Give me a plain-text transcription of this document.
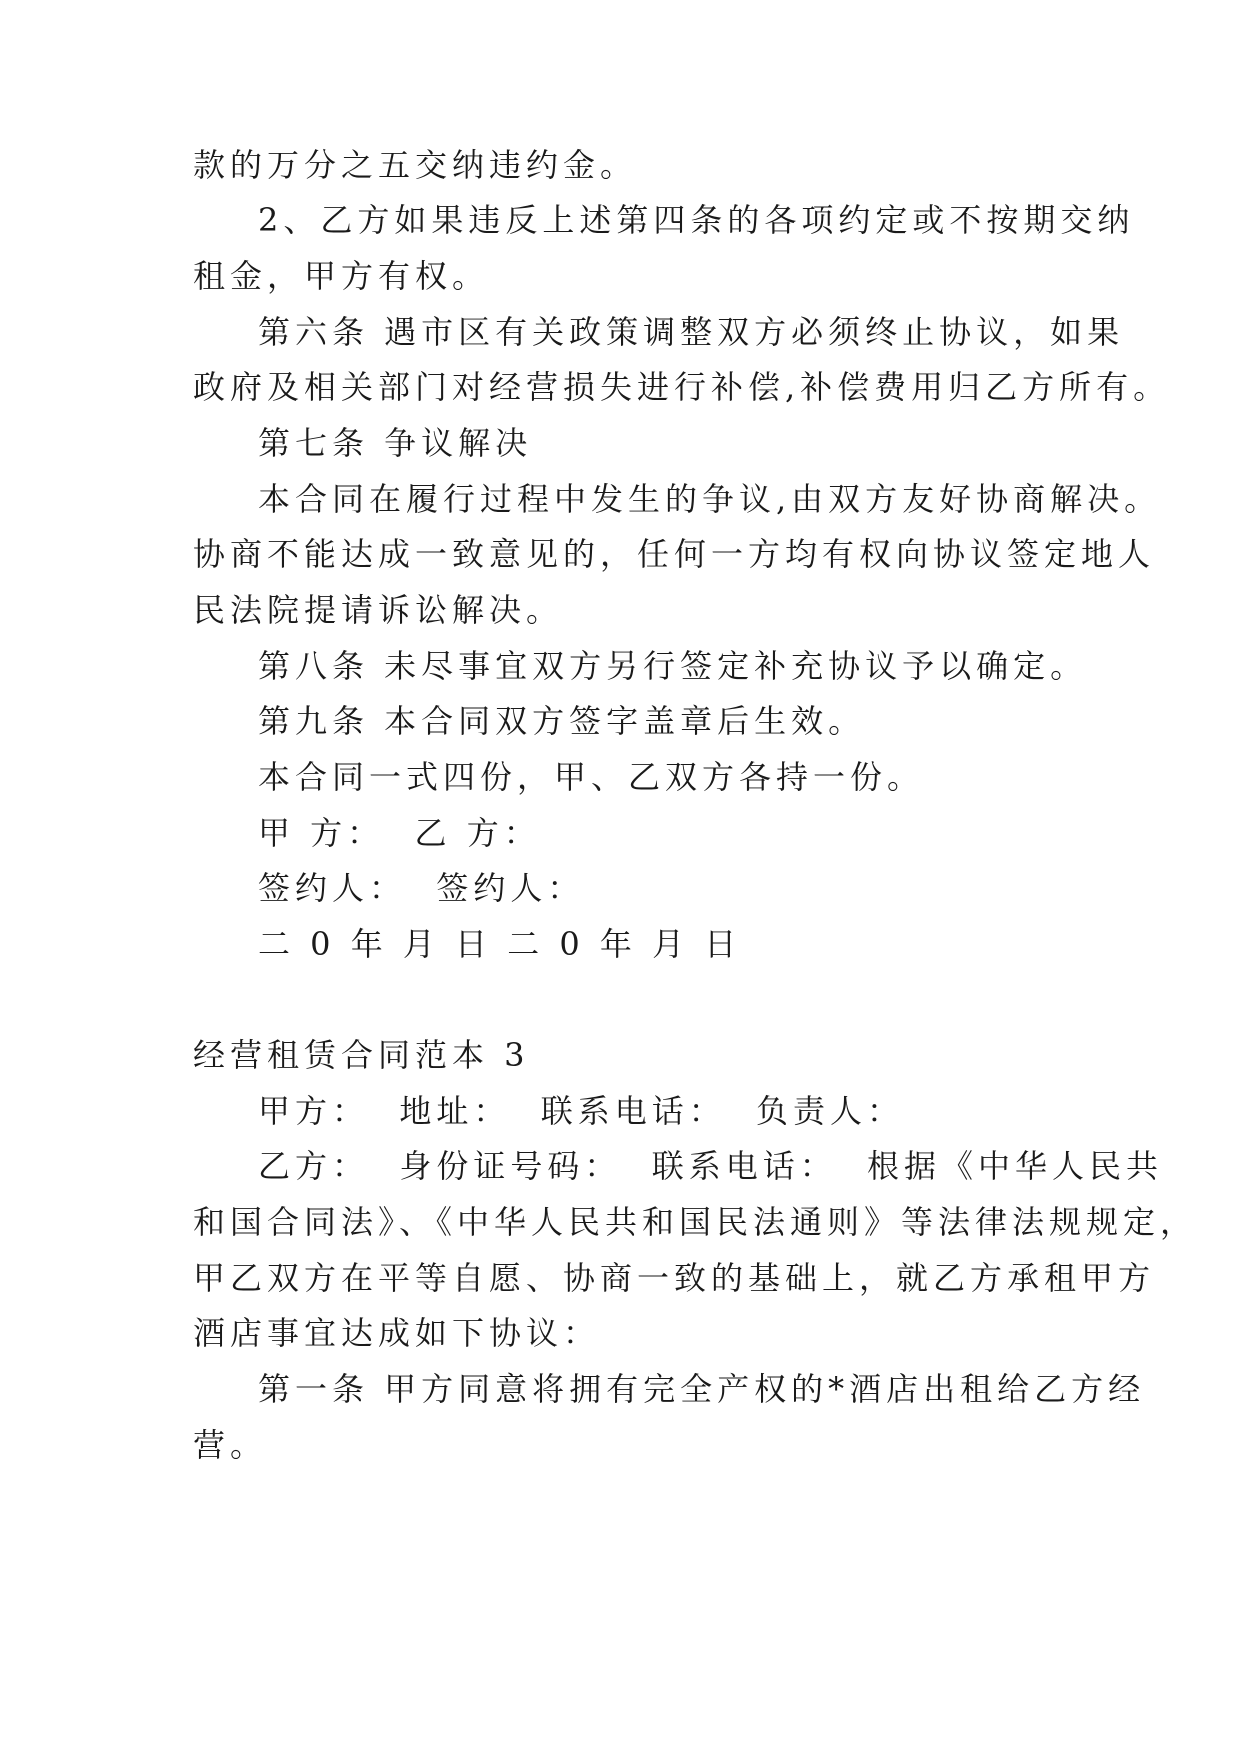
款的万分之五交纳违约金。
2、乙方如果违反上述第四条的各项约定或不按期交纳
租金，甲方有权。
第六条 遇市区有关政策调整双方必须终止协议，如果
政府及相关部门对经营损失进行补偿,补偿费用归乙方所有。
第七条 争议解决
本合同在履行过程中发生的争议,由双方友好协商解决。
协商不能达成一致意见的，任何一方均有权向协议签定地人
民法院提请诉讼解决。
第八条 未尽事宜双方另行签定补充协议予以确定。
第九条 本合同双方签字盖章后生效。
本合同一式四份，甲、乙双方各持一份。
甲 方：  乙 方：
签约人：  签约人：
二 0 年 月 日 二 0 年 月 日
经营租赁合同范本 3
甲方：  地址：  联系电话：  负责人：
乙方：  身份证号码：  联系电话：  根据《中华人民共
和国合同法》、《中华人民共和国民法通则》等法律法规规定，
甲乙双方在平等自愿、协商一致的基础上，就乙方承租甲方
酒店事宜达成如下协议：
第一条 甲方同意将拥有完全产权的*酒店出租给乙方经
营。
